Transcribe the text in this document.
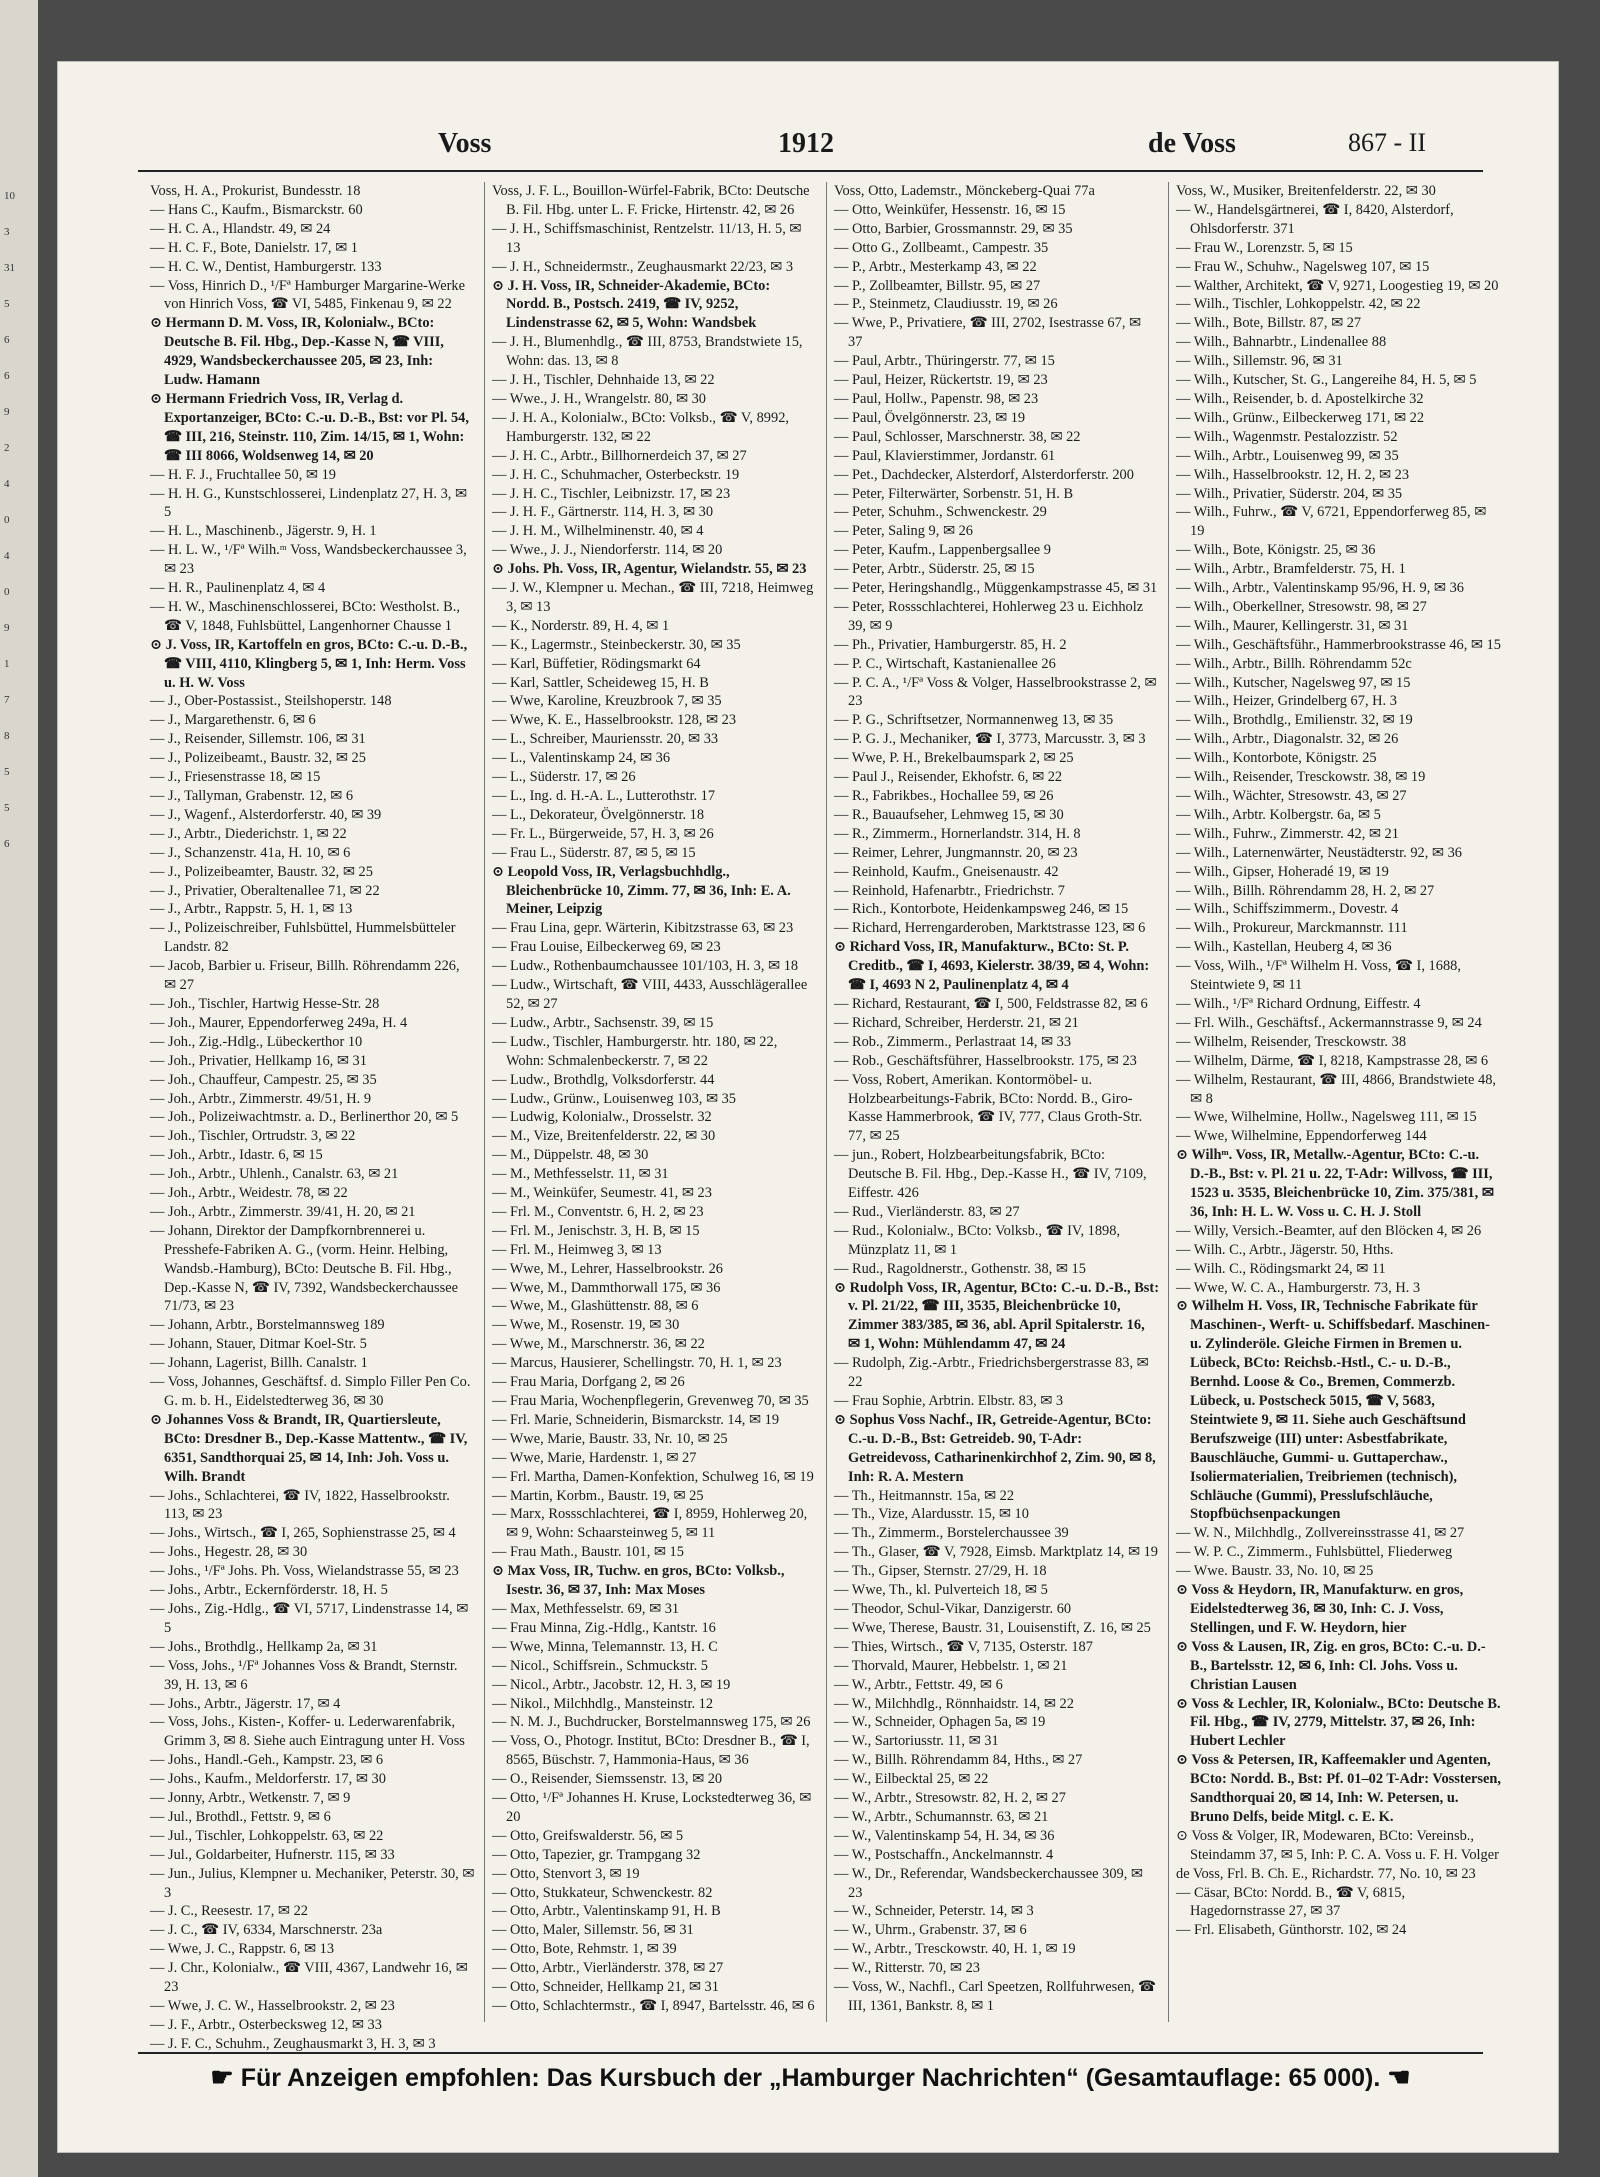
10
3
31
5
6
6
9
2
4
0
4
0
9
1
7
8
5
5
6
Voss	1912	de Voss	867 - II

Voss, H. A., Prokurist, Bundesstr. 18

— Hans C., Kaufm., Bismarckstr. 60

— H. C. A., Hlandstr. 49, ✉ 24

— H. C. F., Bote, Danielstr. 17, ✉ 1

— H. C. W., Dentist, Hamburgerstr. 133

— Voss, Hinrich D., ¹/Fª Hamburger Margarine-Werke von Hinrich Voss, ☎ VI, 5485, Finkenau 9, ✉ 22

⊙ Hermann D. M. Voss, IR, Kolonialw., BCto: Deutsche B. Fil. Hbg., Dep.-Kasse N, ☎ VIII, 4929, Wandsbeckerchaussee 205, ✉ 23, Inh: Ludw. Hamann

⊙ Hermann Friedrich Voss, IR, Verlag d. Exportanzeiger, BCto: C.-u. D.-B., Bst: vor Pl. 54, ☎ III, 216, Steinstr. 110, Zim. 14/15, ✉ 1, Wohn: ☎ III 8066, Woldsenweg 14, ✉ 20

— H. F. J., Fruchtallee 50, ✉ 19

— H. H. G., Kunstschlosserei, Lindenplatz 27, H. 3, ✉ 5

— H. L., Maschinenb., Jägerstr. 9, H. 1

— H. L. W., ¹/Fª Wilh.ᵐ Voss, Wandsbeckerchaussee 3, ✉ 23

— H. R., Paulinenplatz 4, ✉ 4

— H. W., Maschinenschlosserei, BCto: Westholst. B., ☎ V, 1848, Fuhlsbüttel, Langenhorner Chausse 1

⊙ J. Voss, IR, Kartoffeln en gros, BCto: C.-u. D.-B., ☎ VIII, 4110, Klingberg 5, ✉ 1, Inh: Herm. Voss u. H. W. Voss

— J., Ober-Postassist., Steilshoperstr. 148

— J., Margarethenstr. 6, ✉ 6

— J., Reisender, Sillemstr. 106, ✉ 31

— J., Polizeibeamt., Baustr. 32, ✉ 25

— J., Friesenstrasse 18, ✉ 15

— J., Tallyman, Grabenstr. 12, ✉ 6

— J., Wagenf., Alsterdorferstr. 40, ✉ 39

— J., Arbtr., Diederichstr. 1, ✉ 22

— J., Schanzenstr. 41a, H. 10, ✉ 6

— J., Polizeibeamter, Baustr. 32, ✉ 25

— J., Privatier, Oberaltenallee 71, ✉ 22

— J., Arbtr., Rappstr. 5, H. 1, ✉ 13

— J., Polizeischreiber, Fuhlsbüttel, Hummelsbütteler Landstr. 82

— Jacob, Barbier u. Friseur, Billh. Röhrendamm 226, ✉ 27

— Joh., Tischler, Hartwig Hesse-Str. 28

— Joh., Maurer, Eppendorferweg 249a, H. 4

— Joh., Zig.-Hdlg., Lübeckerthor 10

— Joh., Privatier, Hellkamp 16, ✉ 31

— Joh., Chauffeur, Campestr. 25, ✉ 35

— Joh., Arbtr., Zimmerstr. 49/51, H. 9

— Joh., Polizeiwachtmstr. a. D., Berlinerthor 20, ✉ 5

— Joh., Tischler, Ortrudstr. 3, ✉ 22

— Joh., Arbtr., Idastr. 6, ✉ 15

— Joh., Arbtr., Uhlenh., Canalstr. 63, ✉ 21

— Joh., Arbtr., Weidestr. 78, ✉ 22

— Joh., Arbtr., Zimmerstr. 39/41, H. 20, ✉ 21

— Johann, Direktor der Dampfkornbrennerei u. Presshefe-Fabriken A. G., (vorm. Heinr. Helbing, Wandsb.-Hamburg), BCto: Deutsche B. Fil. Hbg., Dep.-Kasse N, ☎ IV, 7392, Wandsbeckerchaussee 71/73, ✉ 23

— Johann, Arbtr., Borstelmannsweg 189

— Johann, Stauer, Ditmar Koel-Str. 5

— Johann, Lagerist, Billh. Canalstr. 1

— Voss, Johannes, Geschäftsf. d. Simplo Filler Pen Co. G. m. b. H., Eidelstedterweg 36, ✉ 30

⊙ Johannes Voss & Brandt, IR, Quartiersleute, BCto: Dresdner B., Dep.-Kasse Mattentw., ☎ IV, 6351, Sandthorquai 25, ✉ 14, Inh: Joh. Voss u. Wilh. Brandt

— Johs., Schlachterei, ☎ IV, 1822, Hasselbrookstr. 113, ✉ 23

— Johs., Wirtsch., ☎ I, 265, Sophienstrasse 25, ✉ 4

— Johs., Hegestr. 28, ✉ 30

— Johs., ¹/Fª Johs. Ph. Voss, Wielandstrasse 55, ✉ 23

— Johs., Arbtr., Eckernförderstr. 18, H. 5

— Johs., Zig.-Hdlg., ☎ VI, 5717, Lindenstrasse 14, ✉ 5

— Johs., Brothdlg., Hellkamp 2a, ✉ 31

— Voss, Johs., ¹/Fª Johannes Voss & Brandt, Sternstr. 39, H. 13, ✉ 6

— Johs., Arbtr., Jägerstr. 17, ✉ 4

— Voss, Johs., Kisten-, Koffer- u. Lederwarenfabrik, Grimm 3, ✉ 8. Siehe auch Eintragung unter H. Voss

— Johs., Handl.-Geh., Kampstr. 23, ✉ 6

— Johs., Kaufm., Meldorferstr. 17, ✉ 30

— Jonny, Arbtr., Wetkenstr. 7, ✉ 9

— Jul., Brothdl., Fettstr. 9, ✉ 6

— Jul., Tischler, Lohkoppelstr. 63, ✉ 22

— Jul., Goldarbeiter, Hufnerstr. 115, ✉ 33

— Jun., Julius, Klempner u. Mechaniker, Peterstr. 30, ✉ 3

— J. C., Reesestr. 17, ✉ 22

— J. C., ☎ IV, 6334, Marschnerstr. 23a

— Wwe, J. C., Rappstr. 6, ✉ 13

— J. Chr., Kolonialw., ☎ VIII, 4367, Landwehr 16, ✉ 23

— Wwe, J. C. W., Hasselbrookstr. 2, ✉ 23

— J. F., Arbtr., Osterbecksweg 12, ✉ 33

— J. F. C., Schuhm., Zeughausmarkt 3, H. 3, ✉ 3

Voss, J. F. L., Bouillon-Würfel-Fabrik, BCto: Deutsche B. Fil. Hbg. unter L. F. Fricke, Hirtenstr. 42, ✉ 26

— J. H., Schiffsmaschinist, Rentzelstr. 11/13, H. 5, ✉ 13

— J. H., Schneidermstr., Zeughausmarkt 22/23, ✉ 3

⊙ J. H. Voss, IR, Schneider-Akademie, BCto: Nordd. B., Postsch. 2419, ☎ IV, 9252, Lindenstrasse 62, ✉ 5, Wohn: Wandsbek

— J. H., Blumenhdlg., ☎ III, 8753, Brandstwiete 15, Wohn: das. 13, ✉ 8

— J. H., Tischler, Dehnhaide 13, ✉ 22

— Wwe., J. H., Wrangelstr. 80, ✉ 30

— J. H. A., Kolonialw., BCto: Volksb., ☎ V, 8992, Hamburgerstr. 132, ✉ 22

— J. H. C., Arbtr., Billhornerdeich 37, ✉ 27

— J. H. C., Schuhmacher, Osterbeckstr. 19

— J. H. C., Tischler, Leibnizstr. 17, ✉ 23

— J. H. F., Gärtnerstr. 114, H. 3, ✉ 30

— J. H. M., Wilhelminenstr. 40, ✉ 4

— Wwe., J. J., Niendorferstr. 114, ✉ 20

⊙ Johs. Ph. Voss, IR, Agentur, Wielandstr. 55, ✉ 23

— J. W., Klempner u. Mechan., ☎ III, 7218, Heimweg 3, ✉ 13

— K., Norderstr. 89, H. 4, ✉ 1

— K., Lagermstr., Steinbeckerstr. 30, ✉ 35

— Karl, Büffetier, Rödingsmarkt 64

— Karl, Sattler, Scheideweg 15, H. B

— Wwe, Karoline, Kreuzbrook 7, ✉ 35

— Wwe, K. E., Hasselbrookstr. 128, ✉ 23

— L., Schreiber, Mauriensstr. 20, ✉ 33

— L., Valentinskamp 24, ✉ 36

— L., Süderstr. 17, ✉ 26

— L., Ing. d. H.-A. L., Lutterothstr. 17

— L., Dekorateur, Övelgönnerstr. 18

— Fr. L., Bürgerweide, 57, H. 3, ✉ 26

— Frau L., Süderstr. 87, ✉ 5, ✉ 15

⊙ Leopold Voss, IR, Verlagsbuchhdlg., Bleichenbrücke 10, Zimm. 77, ✉ 36, Inh: E. A. Meiner, Leipzig

— Frau Lina, gepr. Wärterin, Kibitzstrasse 63, ✉ 23

— Frau Louise, Eilbeckerweg 69, ✉ 23

— Ludw., Rothenbaumchaussee 101/103, H. 3, ✉ 18

— Ludw., Wirtschaft, ☎ VIII, 4433, Ausschlägerallee 52, ✉ 27

— Ludw., Arbtr., Sachsenstr. 39, ✉ 15

— Ludw., Tischler, Hamburgerstr. htr. 180, ✉ 22, Wohn: Schmalenbeckerstr. 7, ✉ 22

— Ludw., Brothdlg, Volksdorferstr. 44

— Ludw., Grünw., Louisenweg 103, ✉ 35

— Ludwig, Kolonialw., Drosselstr. 32

— M., Vize, Breitenfelderstr. 22, ✉ 30

— M., Düppelstr. 48, ✉ 30

— M., Methfesselstr. 11, ✉ 31

— M., Weinküfer, Seumestr. 41, ✉ 23

— Frl. M., Conventstr. 6, H. 2, ✉ 23

— Frl. M., Jenischstr. 3, H. B, ✉ 15

— Frl. M., Heimweg 3, ✉ 13

— Wwe, M., Lehrer, Hasselbrookstr. 26

— Wwe, M., Dammthorwall 175, ✉ 36

— Wwe, M., Glashüttenstr. 88, ✉ 6

— Wwe, M., Rosenstr. 19, ✉ 30

— Wwe, M., Marschnerstr. 36, ✉ 22

— Marcus, Hausierer, Schellingstr. 70, H. 1, ✉ 23

— Frau Maria, Dorfgang 2, ✉ 26

— Frau Maria, Wochenpflegerin, Grevenweg 70, ✉ 35

— Frl. Marie, Schneiderin, Bismarckstr. 14, ✉ 19

— Wwe, Marie, Baustr. 33, Nr. 10, ✉ 25

— Wwe, Marie, Hardenstr. 1, ✉ 27

— Frl. Martha, Damen-Konfektion, Schulweg 16, ✉ 19

— Martin, Korbm., Baustr. 19, ✉ 25

— Marx, Rossschlachterei, ☎ I, 8959, Hohlerweg 20, ✉ 9, Wohn: Schaarsteinweg 5, ✉ 11

— Frau Math., Baustr. 101, ✉ 15

⊙ Max Voss, IR, Tuchw. en gros, BCto: Volksb., Isestr. 36, ✉ 37, Inh: Max Moses

— Max, Methfesselstr. 69, ✉ 31

— Frau Minna, Zig.-Hdlg., Kantstr. 16

— Wwe, Minna, Telemannstr. 13, H. C

— Nicol., Schiffsrein., Schmuckstr. 5

— Nicol., Arbtr., Jacobstr. 12, H. 3, ✉ 19

— Nikol., Milchhdlg., Mansteinstr. 12

— N. M. J., Buchdrucker, Borstelmannsweg 175, ✉ 26

— Voss, O., Photogr. Institut, BCto: Dresdner B., ☎ I, 8565, Büschstr. 7, Hammonia-Haus, ✉ 36

— O., Reisender, Siemssenstr. 13, ✉ 20

— Otto, ¹/Fª Johannes H. Kruse, Lockstedterweg 36, ✉ 20

— Otto, Greifswalderstr. 56, ✉ 5

— Otto, Tapezier, gr. Trampgang 32

— Otto, Stenvort 3, ✉ 19

— Otto, Stukkateur, Schwenckestr. 82

— Otto, Arbtr., Valentinskamp 91, H. B

— Otto, Maler, Sillemstr. 56, ✉ 31

— Otto, Bote, Rehmstr. 1, ✉ 39

— Otto, Arbtr., Vierländerstr. 378, ✉ 27

— Otto, Schneider, Hellkamp 21, ✉ 31

— Otto, Schlachtermstr., ☎ I, 8947, Bartelsstr. 46, ✉ 6

Voss, Otto, Lademstr., Mönckeberg-Quai 77a

— Otto, Weinküfer, Hessenstr. 16, ✉ 15

— Otto, Barbier, Grossmannstr. 29, ✉ 35

— Otto G., Zollbeamt., Campestr. 35

— P., Arbtr., Mesterkamp 43, ✉ 22

— P., Zollbeamter, Billstr. 95, ✉ 27

— P., Steinmetz, Claudiusstr. 19, ✉ 26

— Wwe, P., Privatiere, ☎ III, 2702, Isestrasse 67, ✉ 37

— Paul, Arbtr., Thüringerstr. 77, ✉ 15

— Paul, Heizer, Rückertstr. 19, ✉ 23

— Paul, Hollw., Papenstr. 98, ✉ 23

— Paul, Övelgönnerstr. 23, ✉ 19

— Paul, Schlosser, Marschnerstr. 38, ✉ 22

— Paul, Klavierstimmer, Jordanstr. 61

— Pet., Dachdecker, Alsterdorf, Alsterdorferstr. 200

— Peter, Filterwärter, Sorbenstr. 51, H. B

— Peter, Schuhm., Schwenckestr. 29

— Peter, Saling 9, ✉ 26

— Peter, Kaufm., Lappenbergsallee 9

— Peter, Arbtr., Süderstr. 25, ✉ 15

— Peter, Heringshandlg., Müggenkampstrasse 45, ✉ 31

— Peter, Rossschlachterei, Hohlerweg 23 u. Eichholz 39, ✉ 9

— Ph., Privatier, Hamburgerstr. 85, H. 2

— P. C., Wirtschaft, Kastanienallee 26

— P. C. A., ¹/Fª Voss & Volger, Hasselbrookstrasse 2, ✉ 23

— P. G., Schriftsetzer, Normannenweg 13, ✉ 35

— P. G. J., Mechaniker, ☎ I, 3773, Marcusstr. 3, ✉ 3

— Wwe, P. H., Brekelbaumspark 2, ✉ 25

— Paul J., Reisender, Ekhofstr. 6, ✉ 22

— R., Fabrikbes., Hochallee 59, ✉ 26

— R., Bauaufseher, Lehmweg 15, ✉ 30

— R., Zimmerm., Hornerlandstr. 314, H. 8

— Reimer, Lehrer, Jungmannstr. 20, ✉ 23

— Reinhold, Kaufm., Gneisenaustr. 42

— Reinhold, Hafenarbtr., Friedrichstr. 7

— Rich., Kontorbote, Heidenkampsweg 246, ✉ 15

— Richard, Herrengarderoben, Marktstrasse 123, ✉ 6

⊙ Richard Voss, IR, Manufakturw., BCto: St. P. Creditb., ☎ I, 4693, Kielerstr. 38/39, ✉ 4, Wohn: ☎ I, 4693 N 2, Paulinenplatz 4, ✉ 4

— Richard, Restaurant, ☎ I, 500, Feldstrasse 82, ✉ 6

— Richard, Schreiber, Herderstr. 21, ✉ 21

— Rob., Zimmerm., Perlastraat 14, ✉ 33

— Rob., Geschäftsführer, Hasselbrookstr. 175, ✉ 23

— Voss, Robert, Amerikan. Kontormöbel- u. Holzbearbeitungs-Fabrik, BCto: Nordd. B., Giro-Kasse Hammerbrook, ☎ IV, 777, Claus Groth-Str. 77, ✉ 25

— jun., Robert, Holzbearbeitungsfabrik, BCto: Deutsche B. Fil. Hbg., Dep.-Kasse H., ☎ IV, 7109, Eiffestr. 426

— Rud., Vierländerstr. 83, ✉ 27

— Rud., Kolonialw., BCto: Volksb., ☎ IV, 1898, Münzplatz 11, ✉ 1

— Rud., Ragoldnerstr., Gothenstr. 38, ✉ 15

⊙ Rudolph Voss, IR, Agentur, BCto: C.-u. D.-B., Bst: v. Pl. 21/22, ☎ III, 3535, Bleichenbrücke 10, Zimmer 383/385, ✉ 36, abl. April Spitalerstr. 16, ✉ 1, Wohn: Mühlendamm 47, ✉ 24

— Rudolph, Zig.-Arbtr., Friedrichsbergerstrasse 83, ✉ 22

— Frau Sophie, Arbtrin. Elbstr. 83, ✉ 3

⊙ Sophus Voss Nachf., IR, Getreide-Agentur, BCto: C.-u. D.-B., Bst: Getreideb. 90, T-Adr: Getreidevoss, Catharinenkirchhof 2, Zim. 90, ✉ 8, Inh: R. A. Mestern

— Th., Heitmannstr. 15a, ✉ 22

— Th., Vize, Alardusstr. 15, ✉ 10

— Th., Zimmerm., Borstelerchaussee 39

— Th., Glaser, ☎ V, 7928, Eimsb. Marktplatz 14, ✉ 19

— Th., Gipser, Sternstr. 27/29, H. 18

— Wwe, Th., kl. Pulverteich 18, ✉ 5

— Theodor, Schul-Vikar, Danzigerstr. 60

— Wwe, Therese, Baustr. 31, Louisenstift, Z. 16, ✉ 25

— Thies, Wirtsch., ☎ V, 7135, Osterstr. 187

— Thorvald, Maurer, Hebbelstr. 1, ✉ 21

— W., Arbtr., Fettstr. 49, ✉ 6

— W., Milchhdlg., Rönnhaidstr. 14, ✉ 22

— W., Schneider, Ophagen 5a, ✉ 19

— W., Sartoriusstr. 11, ✉ 31

— W., Billh. Röhrendamm 84, Hths., ✉ 27

— W., Eilbecktal 25, ✉ 22

— W., Arbtr., Stresowstr. 82, H. 2, ✉ 27

— W., Arbtr., Schumannstr. 63, ✉ 21

— W., Valentinskamp 54, H. 34, ✉ 36

— W., Postschaffn., Anckelmannstr. 4

— W., Dr., Referendar, Wandsbeckerchaussee 309, ✉ 23

— W., Schneider, Peterstr. 14, ✉ 3

— W., Uhrm., Grabenstr. 37, ✉ 6

— W., Arbtr., Tresckowstr. 40, H. 1, ✉ 19

— W., Ritterstr. 70, ✉ 23

— Voss, W., Nachfl., Carl Speetzen, Rollfuhrwesen, ☎ III, 1361, Bankstr. 8, ✉ 1

Voss, W., Musiker, Breitenfelderstr. 22, ✉ 30

— W., Handelsgärtnerei, ☎ I, 8420, Alsterdorf, Ohlsdorferstr. 371

— Frau W., Lorenzstr. 5, ✉ 15

— Frau W., Schuhw., Nagelsweg 107, ✉ 15

— Walther, Architekt, ☎ V, 9271, Loogestieg 19, ✉ 20

— Wilh., Tischler, Lohkoppelstr. 42, ✉ 22

— Wilh., Bote, Billstr. 87, ✉ 27

— Wilh., Bahnarbtr., Lindenallee 88

— Wilh., Sillemstr. 96, ✉ 31

— Wilh., Kutscher, St. G., Langereihe 84, H. 5, ✉ 5

— Wilh., Reisender, b. d. Apostelkirche 32

— Wilh., Grünw., Eilbeckerweg 171, ✉ 22

— Wilh., Wagenmstr. Pestalozzistr. 52

— Wilh., Arbtr., Louisenweg 99, ✉ 35

— Wilh., Hasselbrookstr. 12, H. 2, ✉ 23

— Wilh., Privatier, Süderstr. 204, ✉ 35

— Wilh., Fuhrw., ☎ V, 6721, Eppendorferweg 85, ✉ 19

— Wilh., Bote, Königstr. 25, ✉ 36

— Wilh., Arbtr., Bramfelderstr. 75, H. 1

— Wilh., Arbtr., Valentinskamp 95/96, H. 9, ✉ 36

— Wilh., Oberkellner, Stresowstr. 98, ✉ 27

— Wilh., Maurer, Kellingerstr. 31, ✉ 31

— Wilh., Geschäftsführ., Hammerbrookstrasse 46, ✉ 15

— Wilh., Arbtr., Billh. Röhrendamm 52c

— Wilh., Kutscher, Nagelsweg 97, ✉ 15

— Wilh., Heizer, Grindelberg 67, H. 3

— Wilh., Brothdlg., Emilienstr. 32, ✉ 19

— Wilh., Arbtr., Diagonalstr. 32, ✉ 26

— Wilh., Kontorbote, Königstr. 25

— Wilh., Reisender, Tresckowstr. 38, ✉ 19

— Wilh., Wächter, Stresowstr. 43, ✉ 27

— Wilh., Arbtr. Kolbergstr. 6a, ✉ 5

— Wilh., Fuhrw., Zimmerstr. 42, ✉ 21

— Wilh., Laternenwärter, Neustädterstr. 92, ✉ 36

— Wilh., Gipser, Hoheradé 19, ✉ 19

— Wilh., Billh. Röhrendamm 28, H. 2, ✉ 27

— Wilh., Schiffszimmerm., Dovestr. 4

— Wilh., Prokureur, Marckmannstr. 111

— Wilh., Kastellan, Heuberg 4, ✉ 36

— Voss, Wilh., ¹/Fª Wilhelm H. Voss, ☎ I, 1688, Steintwiete 9, ✉ 11

— Wilh., ¹/Fª Richard Ordnung, Eiffestr. 4

— Frl. Wilh., Geschäftsf., Ackermannstrasse 9, ✉ 24

— Wilhelm, Reisender, Tresckowstr. 38

— Wilhelm, Därme, ☎ I, 8218, Kampstrasse 28, ✉ 6

— Wilhelm, Restaurant, ☎ III, 4866, Brandstwiete 48, ✉ 8

— Wwe, Wilhelmine, Hollw., Nagelsweg 111, ✉ 15

— Wwe, Wilhelmine, Eppendorferweg 144

⊙ Wilhᵐ. Voss, IR, Metallw.-Agentur, BCto: C.-u. D.-B., Bst: v. Pl. 21 u. 22, T-Adr: Willvoss, ☎ III, 1523 u. 3535, Bleichenbrücke 10, Zim. 375/381, ✉ 36, Inh: H. L. W. Voss u. C. H. J. Stoll

— Willy, Versich.-Beamter, auf den Blöcken 4, ✉ 26

— Wilh. C., Arbtr., Jägerstr. 50, Hths.

— Wilh. C., Rödingsmarkt 24, ✉ 11

— Wwe, W. C. A., Hamburgerstr. 73, H. 3

⊙ Wilhelm H. Voss, IR, Technische Fabrikate für Maschinen-, Werft- u. Schiffsbedarf. Maschinen- u. Zylinderöle. Gleiche Firmen in Bremen u. Lübeck, BCto: Reichsb.-Hstl., C.- u. D.-B., Bernhd. Loose & Co., Bremen, Commerzb. Lübeck, u. Postscheck 5015, ☎ V, 5683, Steintwiete 9, ✉ 11. Siehe auch Geschäftsund Berufszweige (III) unter: Asbestfabrikate, Bauschläuche, Gummi- u. Guttaperchaw., Isoliermaterialien, Treibriemen (technisch), Schläuche (Gummi), Presslufschläuche, Stopfbüchsenpackungen

— W. N., Milchhdlg., Zollvereinsstrasse 41, ✉ 27

— W. P. C., Zimmerm., Fuhlsbüttel, Fliederweg

— Wwe. Baustr. 33, No. 10, ✉ 25

⊙ Voss & Heydorn, IR, Manufakturw. en gros, Eidelstedterweg 36, ✉ 30, Inh: C. J. Voss, Stellingen, und F. W. Heydorn, hier

⊙ Voss & Lausen, IR, Zig. en gros, BCto: C.-u. D.-B., Bartelsstr. 12, ✉ 6, Inh: Cl. Johs. Voss u. Christian Lausen

⊙ Voss & Lechler, IR, Kolonialw., BCto: Deutsche B. Fil. Hbg., ☎ IV, 2779, Mittelstr. 37, ✉ 26, Inh: Hubert Lechler

⊙ Voss & Petersen, IR, Kaffeemakler und Agenten, BCto: Nordd. B., Bst: Pf. 01–02 T-Adr: Vosstersen, Sandthorquai 20, ✉ 14, Inh: W. Petersen, u. Bruno Delfs, beide Mitgl. c. E. K.

⊙ Voss & Volger, IR, Modewaren, BCto: Vereinsb., Steindamm 37, ✉ 5, Inh: P. C. A. Voss u. F. H. Volger

de Voss, Frl. B. Ch. E., Richardstr. 77, No. 10, ✉ 23

— Cäsar, BCto: Nordd. B., ☎ V, 6815, Hagedornstrasse 27, ✉ 37

— Frl. Elisabeth, Günthorstr. 102, ✉ 24

☛ Für Anzeigen empfohlen: Das Kursbuch der „Hamburger Nachrichten“ (Gesamtauflage: 65 000). ☚
